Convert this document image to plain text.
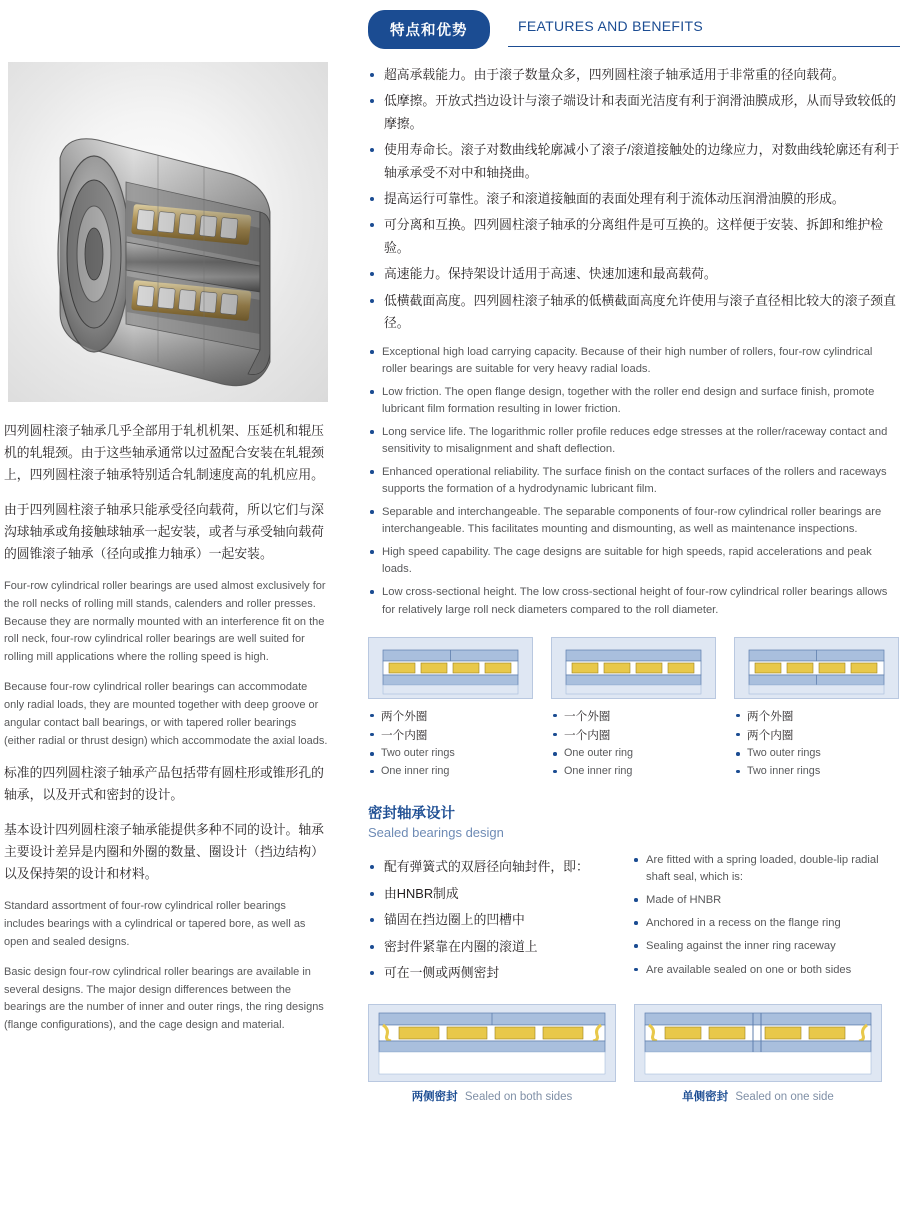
四列圆柱滚子轴承几乎全部用于轧机机架、压延机和辊压机的轧辊颈。由于这些轴承通常以过盈配合安装在轧辊颈上，四列圆柱滚子轴承特别适合轧制速度高的轧机应用。

由于四列圆柱滚子轴承只能承受径向载荷，所以它们与深沟球轴承或角接触球轴承一起安装，或者与承受轴向载荷的圆锥滚子轴承（径向或推力轴承）一起安装。

Four-row cylindrical roller bearings are used almost exclusively for the roll necks of rolling mill stands, calenders and roller presses. Because they are normally mounted with an interference fit on the roll neck, four-row cylindrical roller bearings are well suited for rolling mill applications where the rolling speed is high.

Because four-row cylindrical roller bearings can accommodate only radial loads, they are mounted together with deep groove or angular contact ball bearings, or with tapered roller bearings (either radial or thrust design) which accommodate the axial loads.

标准的四列圆柱滚子轴承产品包括带有圆柱形或锥形孔的轴承，以及开式和密封的设计。

基本设计四列圆柱滚子轴承能提供多种不同的设计。轴承主要设计差异是内圈和外圈的数量、圈设计（挡边结构）以及保持架的设计和材料。

Standard assortment of four-row cylindrical roller bearings includes bearings with a cylindrical or tapered bore, as well as open and sealed designs.

Basic design four-row cylindrical roller bearings are available in several designs. The major design differences between the bearings are the number of inner and outer rings, the ring designs (flange configurations), and the cage design and material.

特点和优势	FEATURES AND BENEFITS
超高承载能力。由于滚子数量众多，四列圆柱滚子轴承适用于非常重的径向载荷。
低摩擦。开放式挡边设计与滚子端设计和表面光洁度有利于润滑油膜成形，从而导致较低的摩擦。
使用寿命长。滚子对数曲线轮廓减小了滚子/滚道接触处的边缘应力，对数曲线轮廓还有利于轴承承受不对中和轴挠曲。
提高运行可靠性。滚子和滚道接触面的表面处理有利于流体动压润滑油膜的形成。
可分离和互换。四列圆柱滚子轴承的分离组件是可互换的。这样便于安装、拆卸和维护检验。
高速能力。保持架设计适用于高速、快速加速和最高载荷。
低横截面高度。四列圆柱滚子轴承的低横截面高度允许使用与滚子直径相比较大的滚子颈直径。
Exceptional high load carrying capacity. Because of their high number of rollers, four-row cylindrical roller bearings are suitable for very heavy radial loads.
Low friction. The open flange design, together with the roller end design and surface finish, promote lubricant film formation resulting in lower friction.
Long service life. The logarithmic roller profile reduces edge stresses at the roller/raceway contact and sensitivity to misalignment and shaft deflection.
Enhanced operational reliability. The surface finish on the contact surfaces of the rollers and raceways supports the formation of a hydrodynamic lubricant film.
Separable and interchangeable. The separable components of four-row cylindrical roller bearings are interchangeable. This facilitates mounting and dismounting, as well as maintenance inspections.
High speed capability. The cage designs are suitable for high speeds, rapid accelerations and peak loads.
Low cross-sectional height. The low cross-sectional height of four-row cylindrical roller bearings allows for relatively large roll neck diameters compared to the roll diameter.
两个外圈
一个内圈
Two outer rings
One inner ring
一个外圈
一个内圈
One outer ring
One inner ring
两个外圈
两个内圈
Two outer rings
Two inner rings
密封轴承设计
Sealed bearings design
配有弹簧式的双唇径向轴封件，即：
由HNBR制成
锚固在挡边圈上的凹槽中
密封件紧靠在内圈的滚道上
可在一侧或两侧密封
Are fitted with a spring loaded, double-lip radial shaft seal, which is:
Made of HNBR
Anchored in a recess on the flange ring
Sealing against the inner ring raceway
Are available sealed on one or both sides
两侧密封 Sealed on both sides	单侧密封 Sealed on one side
